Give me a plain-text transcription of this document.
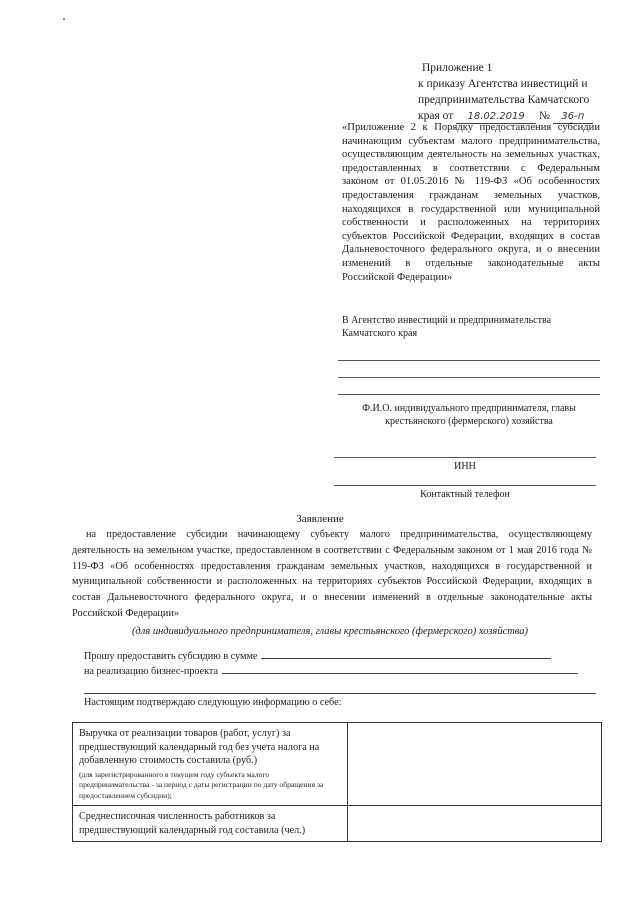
Приложение 1
к приказу Агентства инвестиций и
предпринимательства Камчатского
края от 18.02.2019 № 36-п
«Приложение 2 к Порядку предоставления субсидии начинающим субъектам малого предпринимательства, осуществляющим деятельность на земельных участках, предоставленных в соответствии с Федеральным законом от 01.05.2016 № 119-ФЗ «Об особенностях предоставления гражданам земельных участков, находящихся в государственной или муниципальной собственности и расположенных на территориях субъектов Российской Федерации, входящих в состав Дальневосточного федерального округа, и о внесении изменений в отдельные законодательные акты Российской Федерации»
В Агентство инвестиций и предпринимательства Камчатского края
Ф.И.О. индивидуального предпринимателя, главы крестьянского (фермерского) хозяйства
ИНН
Контактный телефон
Заявление
на предоставление субсидии начинающему субъекту малого предпринимательства, осуществляющему деятельность на земельном участке, предоставленном в соответствии с Федеральным законом от 1 мая 2016 года № 119-ФЗ «Об особенностях предоставления гражданам земельных участков, находящихся в государственной и муниципальной собственности и расположенных на территориях субъектов Российской Федерации, входящих в состав Дальневосточного федерального округа, и о внесении изменений в отдельные законодательные акты Российской Федерации»
(для индивидуального предпринимателя, главы крестьянского (фермерского) хозяйства)
Прошу предоставить субсидию в сумме
на реализацию бизнес-проекта

Настоящим подтверждаю следующую информацию о себе:
Выручка от реализации товаров (работ, услуг) за предшествующий календарный год без учета налога на добавленную стоимость составила (руб.)
(для зарегистрированного в текущем году субъекта малого предпринимательства - за период с даты регистрации по дату обращения за предоставлением субсидии);	

Среднесписочная численность работников за предшествующий календарный год составила (чел.)	
